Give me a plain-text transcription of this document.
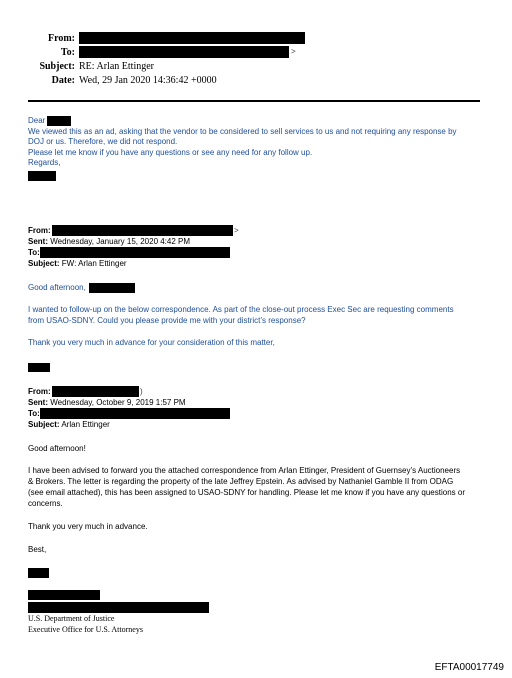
From:
To:	>
Subject: RE: Arlan Ettinger
Date: Wed, 29 Jan 2020 14:36:42 +0000
Dear
We viewed this as an ad, asking that the vendor to be considered to sell services to us and not requiring any response by
DOJ or us. Therefore, we did not respond.
Please let me know if you have any questions or see any need for any follow up.
Regards,
From:	>
Sent: Wednesday, January 15, 2020 4:42 PM
To:
Subject: FW: Arlan Ettinger
Good afternoon,
I wanted to follow-up on the below correspondence. As part of the close-out process Exec Sec are requesting comments
from USAO-SDNY. Could you please provide me with your district’s response?
Thank you very much in advance for your consideration of this matter,
From:	)
Sent: Wednesday, October 9, 2019 1:57 PM
To:
Subject: Arlan Ettinger
Good afternoon!
I have been advised to forward you the attached correspondence from Arlan Ettinger, President of Guernsey’s Auctioneers
& Brokers. The letter is regarding the property of the late Jeffrey Epstein. As advised by Nathaniel Gamble II from ODAG
(see email attached), this has been assigned to USAO-SDNY for handling. Please let me know if you have any questions or
concerns.
Thank you very much in advance.
Best,
U.S. Department of Justice
Executive Office for U.S. Attorneys
EFTA00017749
